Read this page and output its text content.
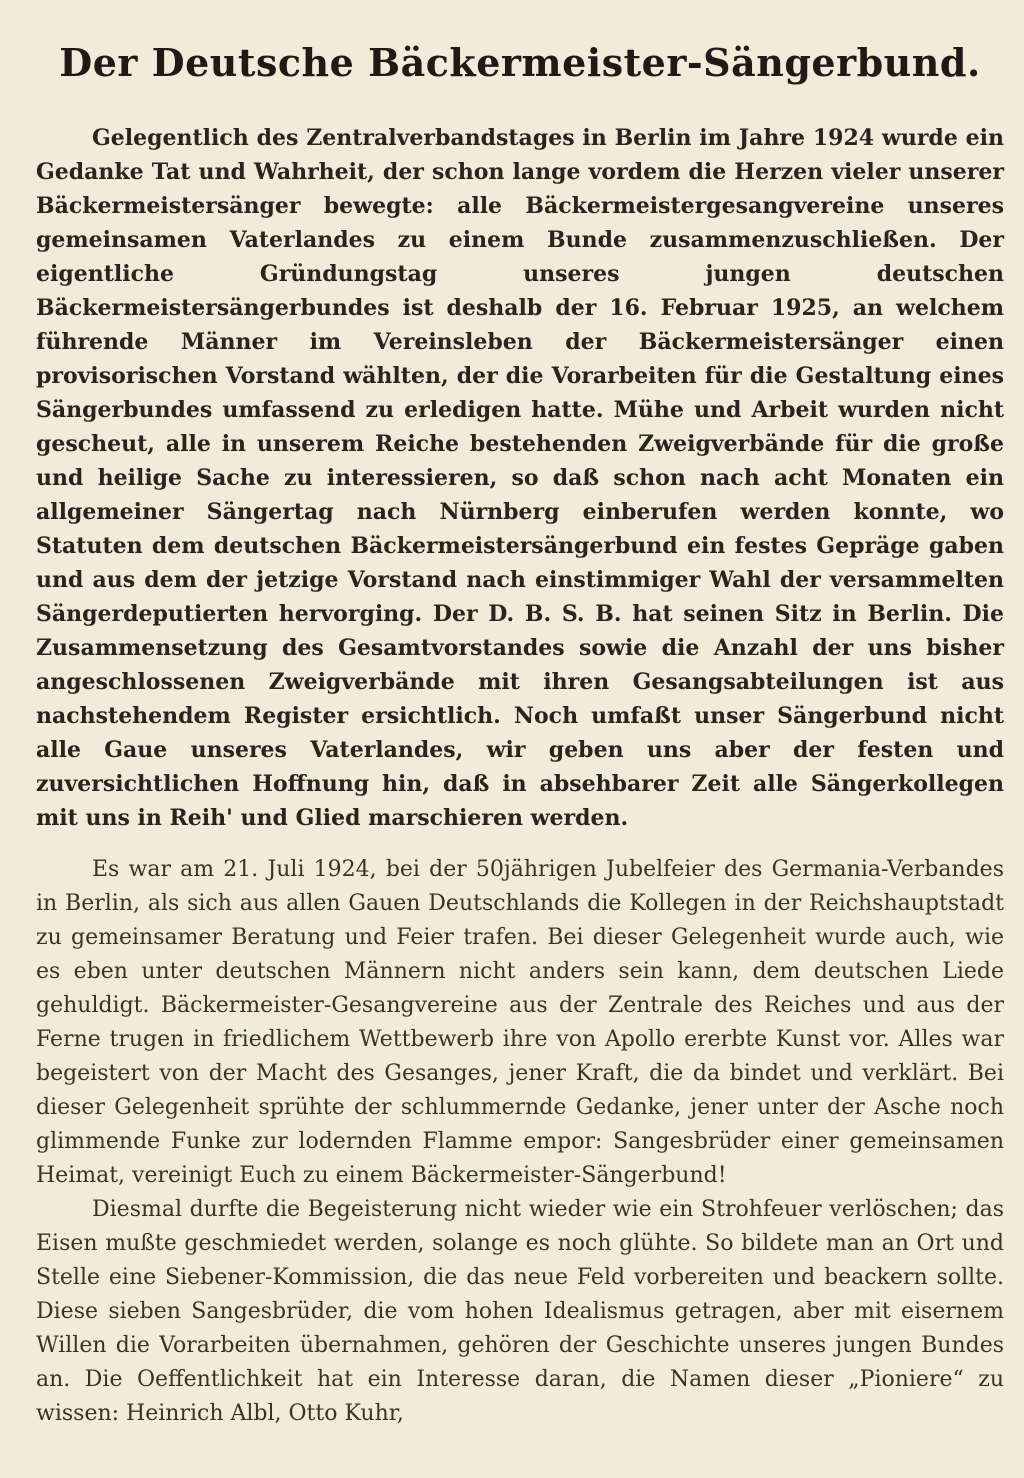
Der Deutsche Bäckermeister-Sängerbund.

Gelegentlich des Zentralverbandstages in Berlin im Jahre 1924 wurde ein Gedanke Tat und Wahrheit, der schon lange vordem die Herzen vieler unserer Bäckermeistersänger bewegte: alle Bäckermeistergesangvereine unseres gemeinsamen Vaterlandes zu einem Bunde zusammenzuschließen. Der eigentliche Gründungstag unseres jungen deutschen Bäckermeistersängerbundes ist deshalb der 16. Februar 1925, an welchem führende Männer im Vereinsleben der Bäckermeistersänger einen provisorischen Vorstand wählten, der die Vorarbeiten für die Gestaltung eines Sängerbundes umfassend zu erledigen hatte. Mühe und Arbeit wurden nicht gescheut, alle in unserem Reiche bestehenden Zweigverbände für die große und heilige Sache zu interessieren, so daß schon nach acht Monaten ein allgemeiner Sängertag nach Nürnberg einberufen werden konnte, wo Statuten dem deutschen Bäckermeistersängerbund ein festes Gepräge gaben und aus dem der jetzige Vorstand nach einstimmiger Wahl der versammelten Sängerdeputierten hervorging. Der D. B. S. B. hat seinen Sitz in Berlin. Die Zusammensetzung des Gesamtvorstandes sowie die Anzahl der uns bisher angeschlossenen Zweigverbände mit ihren Gesangsabteilungen ist aus nachstehendem Register ersichtlich. Noch umfaßt unser Sängerbund nicht alle Gaue unseres Vaterlandes, wir geben uns aber der festen und zuversichtlichen Hoffnung hin, daß in absehbarer Zeit alle Sängerkollegen mit uns in Reih' und Glied marschieren werden.

Es war am 21. Juli 1924, bei der 50jährigen Jubelfeier des Germania-Verbandes in Berlin, als sich aus allen Gauen Deutschlands die Kollegen in der Reichshauptstadt zu gemeinsamer Beratung und Feier trafen. Bei dieser Gelegenheit wurde auch, wie es eben unter deutschen Männern nicht anders sein kann, dem deutschen Liede gehuldigt. Bäckermeister-Gesangvereine aus der Zentrale des Reiches und aus der Ferne trugen in friedlichem Wettbewerb ihre von Apollo ererbte Kunst vor. Alles war begeistert von der Macht des Gesanges, jener Kraft, die da bindet und verklärt. Bei dieser Gelegenheit sprühte der schlummernde Gedanke, jener unter der Asche noch glimmende Funke zur lodernden Flamme empor: Sangesbrüder einer gemeinsamen Heimat, vereinigt Euch zu einem Bäckermeister-Sängerbund!

Diesmal durfte die Begeisterung nicht wieder wie ein Strohfeuer verlöschen; das Eisen mußte geschmiedet werden, solange es noch glühte. So bildete man an Ort und Stelle eine Siebener-Kommission, die das neue Feld vorbereiten und beackern sollte. Diese sieben Sangesbrüder, die vom hohen Idealismus getragen, aber mit eisernem Willen die Vorarbeiten übernahmen, gehören der Geschichte unseres jungen Bundes an. Die Oeffentlichkeit hat ein Interesse daran, die Namen dieser „Pioniere“ zu wissen: Heinrich Albl, Otto Kuhr,
